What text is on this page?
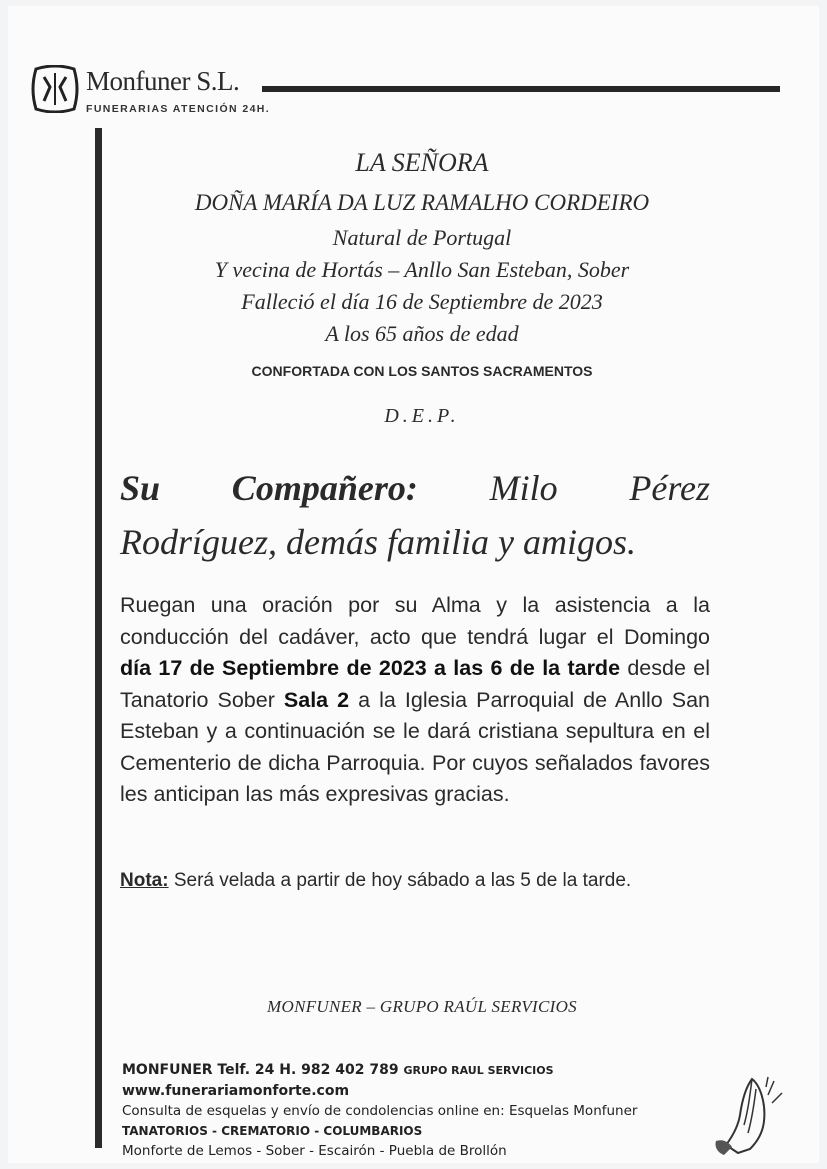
Monfuner S.L.
FUNERARIAS ATENCIÓN 24H.
LA SEÑORA
DOÑA MARÍA DA LUZ RAMALHO CORDEIRO
Natural de Portugal
Y vecina de Hortás – Anllo San Esteban, Sober
Falleció el día 16 de Septiembre de 2023
A los 65 años de edad
CONFORTADA CON LOS SANTOS SACRAMENTOS
D.E.P.
Su Compañero: Milo Pérez
Rodríguez, demás familia y amigos.
Ruegan una oración por su Alma y la asistencia a la conducción del cadáver, acto que tendrá lugar el Domingo día 17 de Septiembre de 2023 a las 6 de la tarde desde el Tanatorio Sober Sala 2 a la Iglesia Parroquial de Anllo San Esteban y a continuación se le dará cristiana sepultura en el Cementerio de dicha Parroquia. Por cuyos señalados favores les anticipan las más expresivas gracias.
Nota: Será velada a partir de hoy sábado a las 5 de la tarde.
MONFUNER – GRUPO RAÚL SERVICIOS
MONFUNER Telf. 24 H. 982 402 789 GRUPO RAUL SERVICIOS www.funerariamonforte.com
Consulta de esquelas y envío de condolencias online en: Esquelas Monfuner
TANATORIOS - CREMATORIO - COLUMBARIOS
Monforte de Lemos - Sober - Escairón - Puebla de Brollón
